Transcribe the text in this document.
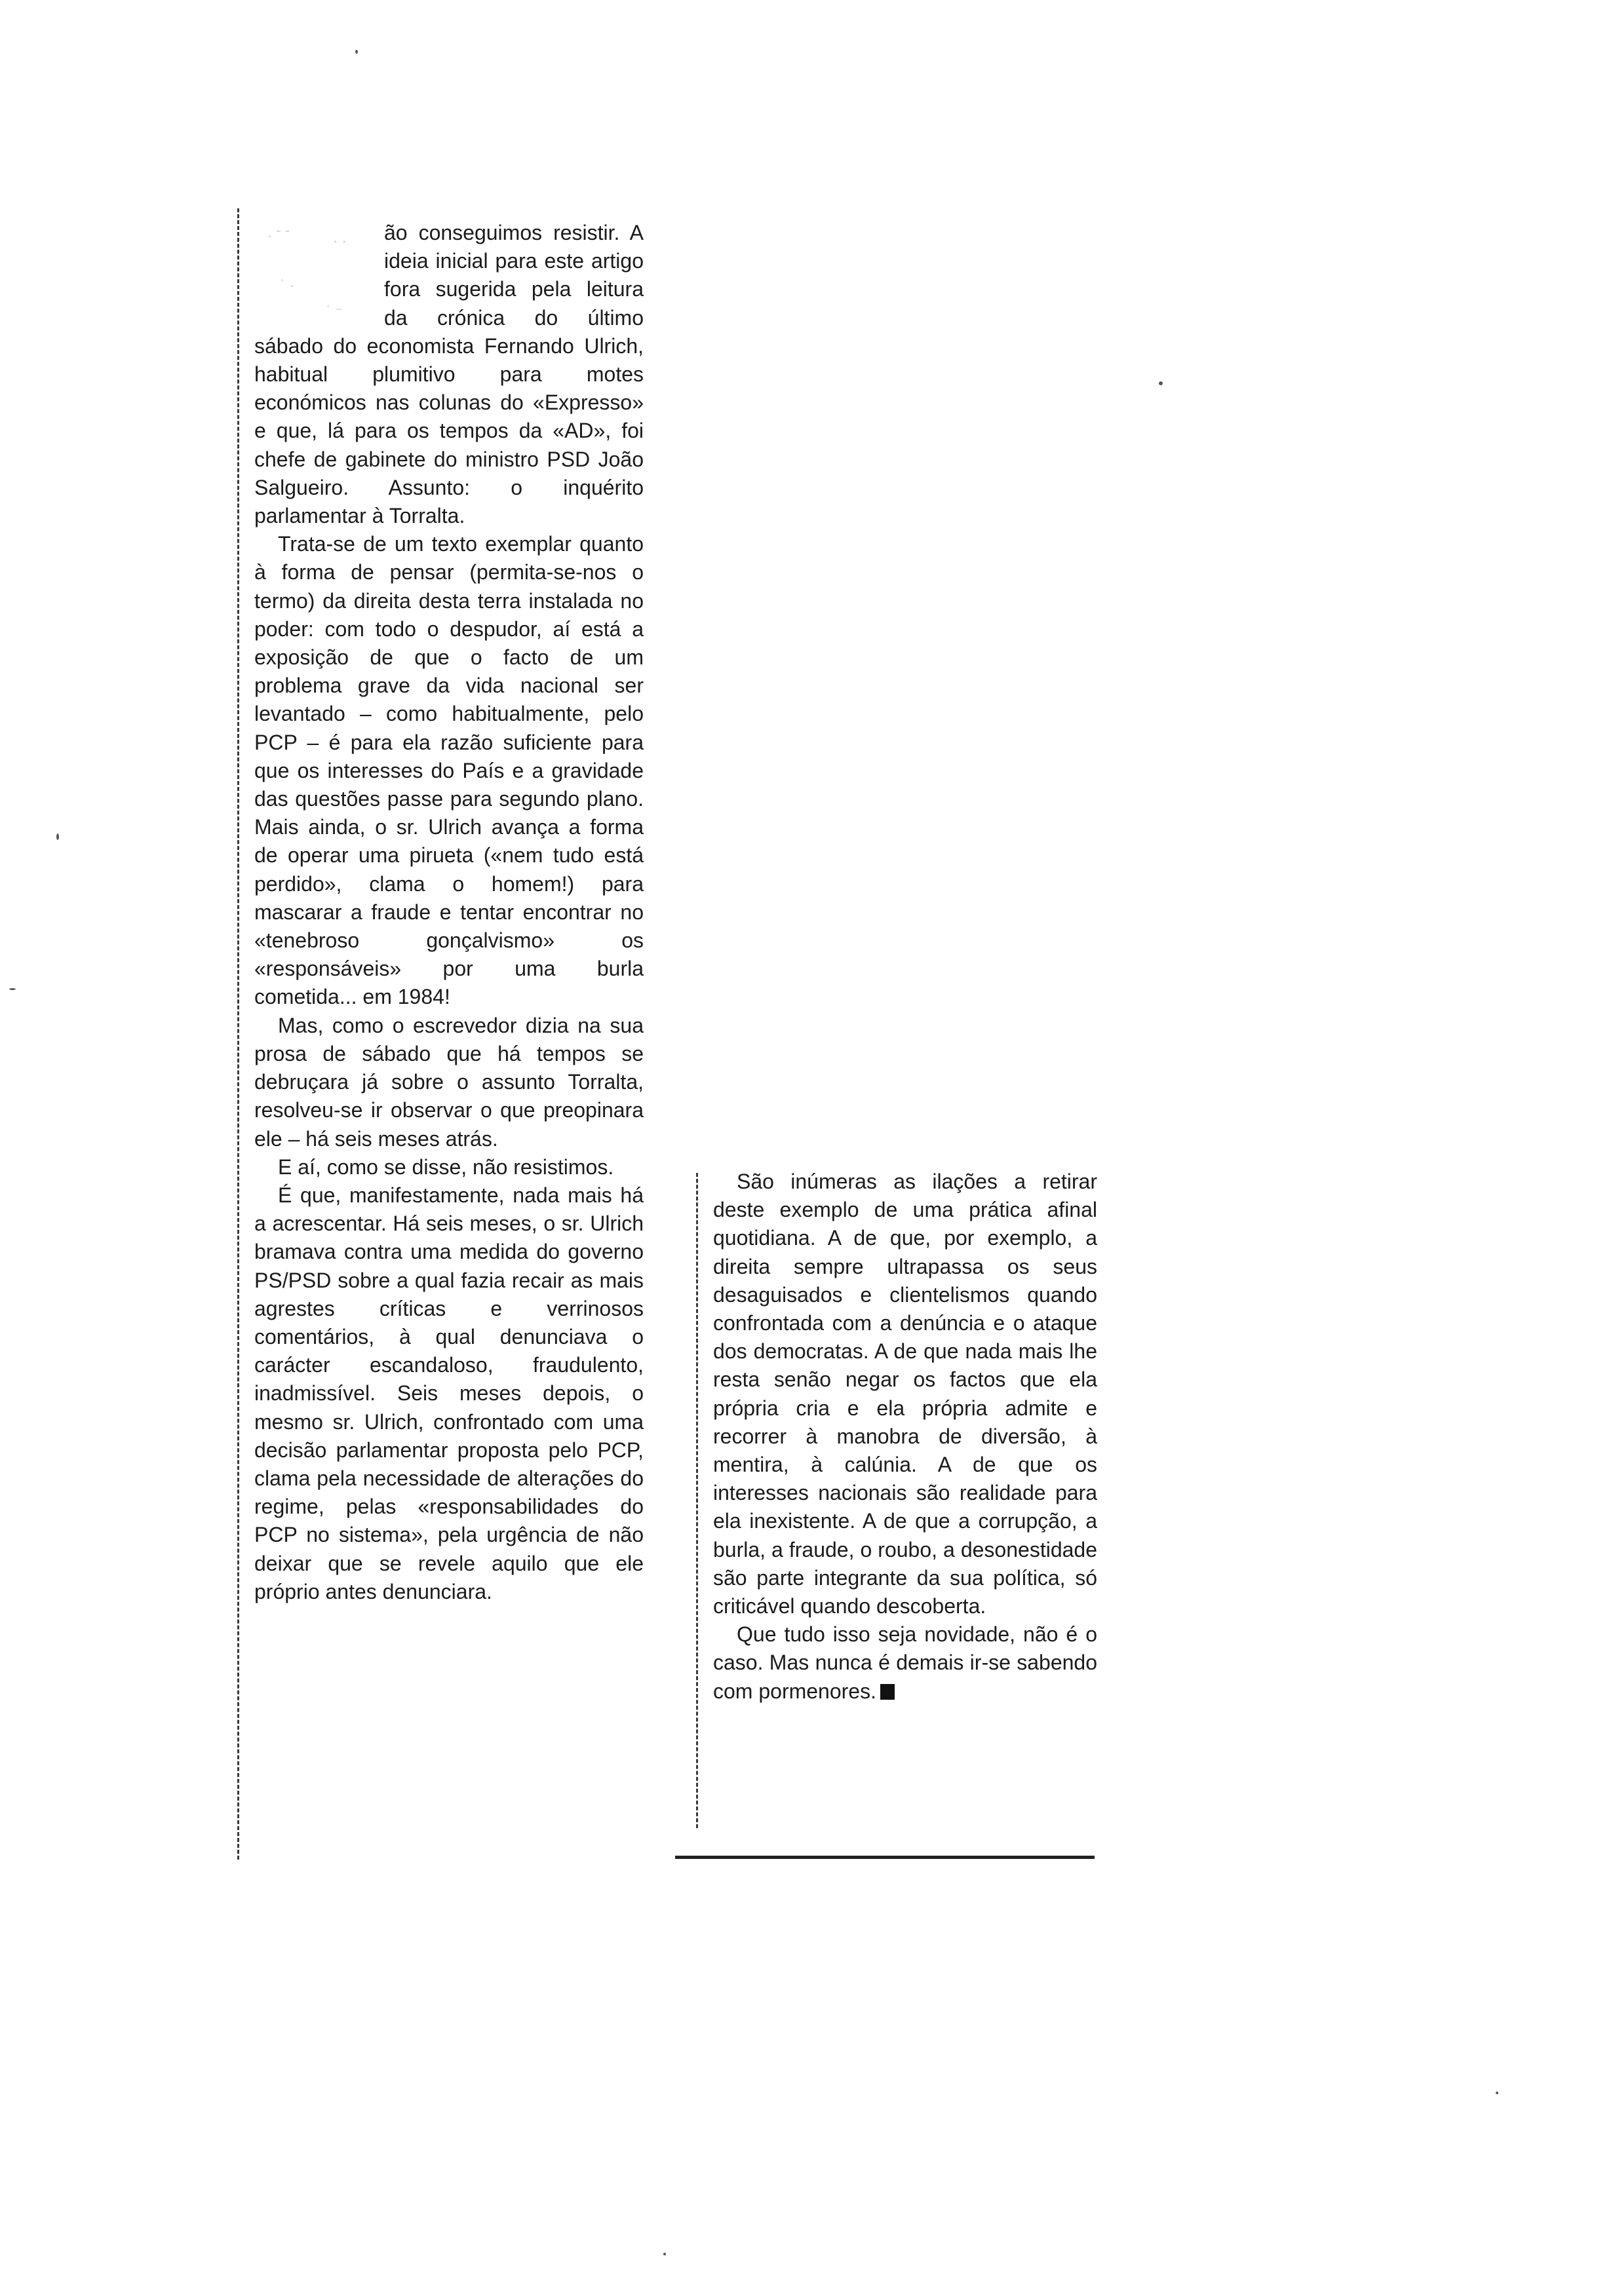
· ˉ ˉ	· ·
˙ ·
˙ ⁻

ão conseguimos resistir. A ideia inicial para este artigo fora sugerida pela leitura da crónica do último sábado do economista Fernando Ulrich, habitual plumitivo para motes económicos nas colunas do «Expresso» e que, lá para os tempos da «AD», foi chefe de gabinete do ministro PSD João Salgueiro. Assunto: o inquérito parlamentar à Torralta.

Trata-se de um texto exemplar quanto à forma de pensar (permita-se-nos o termo) da direita desta terra instalada no poder: com todo o despudor, aí está a exposição de que o facto de um problema grave da vida nacional ser levantado – como habitualmente, pelo PCP – é para ela razão suficiente para que os interesses do País e a gravidade das questões passe para segundo plano. Mais ainda, o sr. Ulrich avança a forma de operar uma pirueta («nem tudo está perdido», clama o homem!) para mascarar a fraude e tentar encontrar no «tenebroso gonçalvismo» os «responsáveis» por uma burla cometida... em 1984!

Mas, como o escrevedor dizia na sua prosa de sábado que há tempos se debruçara já sobre o assunto Torralta, resolveu-se ir observar o que preopinara ele – há seis meses atrás.

E aí, como se disse, não resistimos.

É que, manifestamente, nada mais há a acrescentar. Há seis meses, o sr. Ulrich bramava contra uma medida do governo PS/PSD sobre a qual fazia recair as mais agrestes críticas e verrinosos comentários, à qual denunciava o carácter escandaloso, fraudulento, inadmissível. Seis meses depois, o mesmo sr. Ulrich, confrontado com uma decisão parlamentar proposta pelo PCP, clama pela necessidade de alterações do regime, pelas «responsabilidades do PCP no sistema», pela urgência de não deixar que se revele aquilo que ele próprio antes denunciara.

São inúmeras as ilações a retirar deste exemplo de uma prática afinal quotidiana. A de que, por exemplo, a direita sempre ultrapassa os seus desaguisados e clientelismos quando confrontada com a denúncia e o ataque dos democratas. A de que nada mais lhe resta senão negar os factos que ela própria cria e ela própria admite e recorrer à manobra de diversão, à mentira, à calúnia. A de que os interesses nacionais são realidade para ela inexistente. A de que a corrupção, a burla, a fraude, o roubo, a desonestidade são parte integrante da sua política, só criticável quando descoberta.

Que tudo isso seja novidade, não é o caso. Mas nunca é demais ir-se sabendo com pormenores.
